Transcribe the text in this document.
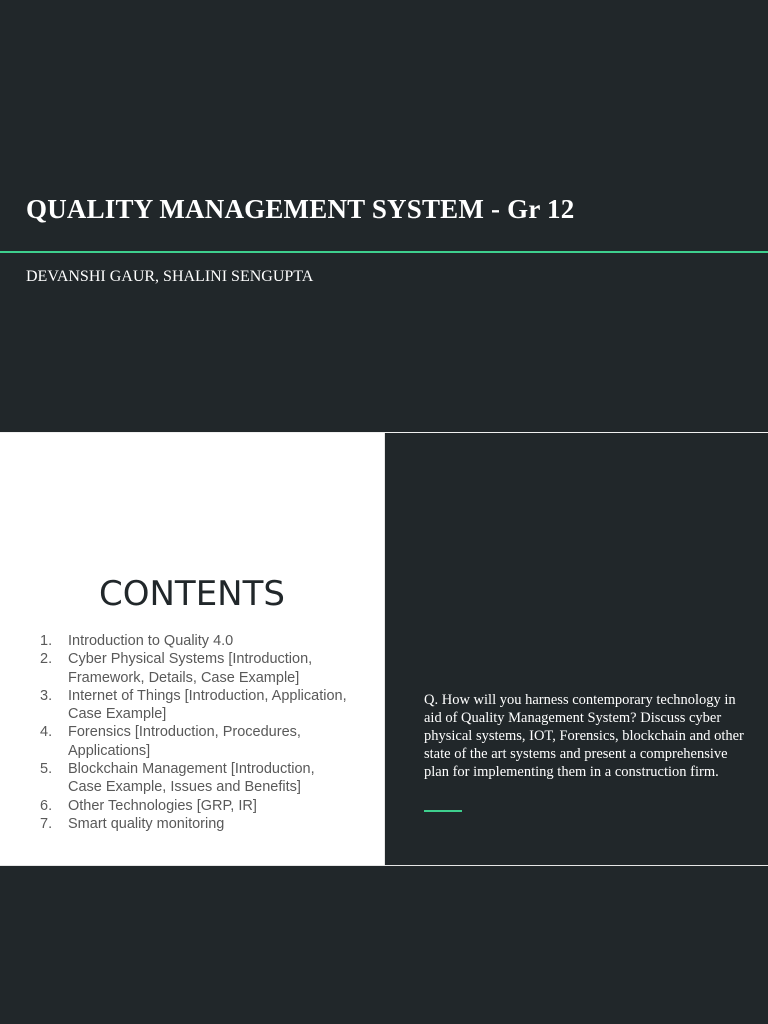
QUALITY MANAGEMENT SYSTEM - Gr 12

DEVANSHI GAUR, SHALINI SENGUPTA

CONTENTS
1.	Introduction to Quality 4.0
2.	Cyber Physical Systems [Introduction, Framework, Details, Case Example]
3.	Internet of Things [Introduction, Application, Case Example]
4.	Forensics [Introduction, Procedures, Applications]
5.	Blockchain Management [Introduction, Case Example, Issues and Benefits]
6.	Other Technologies [GRP, IR]
7.	Smart quality monitoring

Q. How will you harness contemporary technology in aid of Quality Management System? Discuss cyber physical systems, IOT, Forensics, blockchain and other state of the art systems and present a comprehensive plan for implementing them in a construction firm.
